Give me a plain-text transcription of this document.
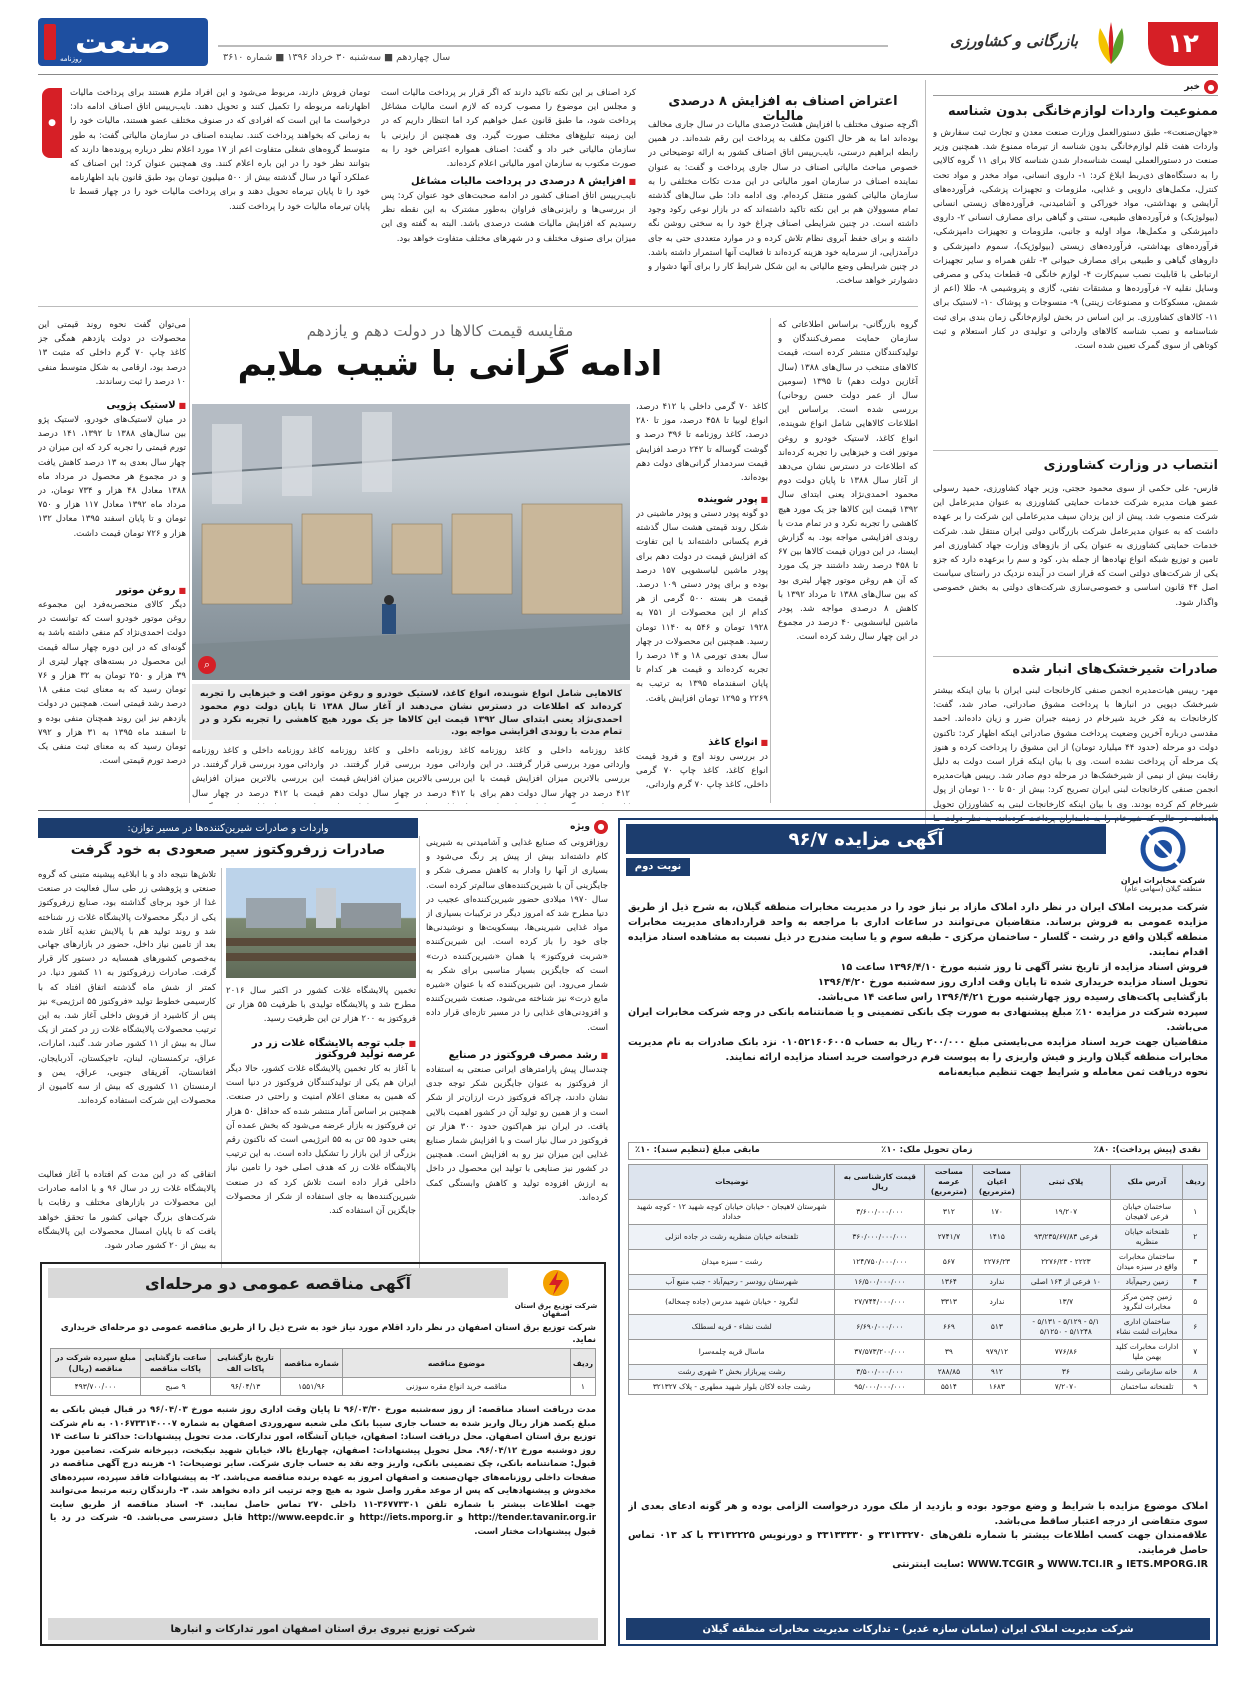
۱۲
بازرگانی و کشاورزی
سال چهاردهم ■ سه‌شنبه ۳۰ خرداد ۱۳۹۶ ■ شماره ۳۶۱۰
صنعت
روزنامه
●
خبر
ممنوعیت واردات لوازم‌خانگی بدون شناسه
«جهان‌صنعت»- طبق دستورالعمل وزارت صنعت معدن و تجارت ثبت سفارش و واردات هفت قلم لوازم‌خانگی بدون شناسه از تیرماه ممنوع شد. همچنین وزیر صنعت در دستورالعملی لیست شناسه‌دار شدن شناسه کالا برای ۱۱ گروه کالایی را به دستگاه‌های ذی‌ربط ابلاغ کرد: ۱- داروی انسانی، مواد مخدر و مواد تحت کنترل، مکمل‌های دارویی و غذایی، ملزومات و تجهیزات پزشکی، فرآورده‌های آرایشی و بهداشتی، مواد خوراکی و آشامیدنی، فرآورده‌های زیستی انسانی (بیولوژیک) و فرآورده‌های طبیعی، سنتی و گیاهی برای مصارف انسانی ۲- داروی دامپزشکی و مکمل‌ها، مواد اولیه و جانبی، ملزومات و تجهیزات دامپزشکی، فرآورده‌های بهداشتی، فرآورده‌های زیستی (بیولوژیک)، سموم دامپزشکی و داروهای گیاهی و طبیعی برای مصارف حیوانی ۳- تلفن همراه و سایر تجهیزات ارتباطی با قابلیت نصب سیم‌کارت ۴- لوازم خانگی ۵- قطعات یدکی و مصرفی وسایل نقلیه ۷- فرآورده‌ها و مشتقات نفتی، گازی و پتروشیمی ۸- طلا (اعم از شمش، مسکوکات و مصنوعات زینتی) ۹- منسوجات و پوشاک ۱۰- لاستیک برای ۱۱- کالاهای کشاورزی. بر این اساس در بخش لوازم‌خانگی زمان بندی برای ثبت شناسنامه و نصب شناسه کالاهای وارداتی و تولیدی در کنار استعلام و ثبت کوتاهی از سوی گمرک تعیین شده است.
انتصاب در وزارت کشاورزی
فارس- علی حکمی از سوی محمود حجتی، وزیر جهاد کشاورزی، حمید رسولی عضو هیات مدیره شرکت خدمات حمایتی کشاورزی به عنوان مدیرعامل این شرکت منصوب شد. پیش از این یزدان سیف مدیرعاملی این شرکت را بر عهده داشت که به عنوان مدیرعامل شرکت بازرگانی دولتی ایران منتقل شد. شرکت خدمات حمایتی کشاورزی به عنوان یکی از بازوهای وزارت جهاد کشاورزی امر تامین و توزیع شبکه انواع نهاده‌ها از جمله بذر، کود و سم را برعهده دارد که جزو یکی از شرکت‌های دولتی است که قرار است در آینده نزدیک در راستای سیاست اصل ۴۴ قانون اساسی و خصوصی‌سازی شرکت‌های دولتی به بخش خصوصی واگذار شود.
صادرات شیرخشک‌های انبار شده
مهر- رییس هیات‌مدیره انجمن صنفی کارخانجات لبنی ایران با بیان اینکه بیشتر شیرخشک دپویی در انبارها با پرداخت مشوق صادراتی، صادر شد، گفت: کارخانجات به فکر خرید شیرخام در زمینه جبران ضرر و زیان داده‌اند. احمد مقدسی درباره آخرین وضعیت پرداخت مشوق صادراتی اینکه اظهار کرد: تاکنون دولت دو مرحله (حدود ۴۴ میلیارد تومان) از این مشوق را پرداخت کرده و هنوز یک مرحله آن پرداخت نشده است. وی با بیان اینکه قرار است دولت به دلیل رقابت بیش از نیمی از شیرخشک‌ها در مرحله دوم صادر شد. رییس هیات‌مدیره انجمن صنفی کارخانجات لبنی ایران تصریح کرد: بیش از ۵۰ تا ۱۰۰ تومان از پول شیرخام کم کرده بودند. وی با بیان اینکه کارخانجات لبنی به کشاورزان تحویل داده‌اند، در حالی که شیرخام را به دامداران پرداخت کرده‌اند، به نظر دولت ما
اعتراض اصناف به افزایش ۸ درصدی مالیات
اگرچه صنوف مختلف با افزایش هشت درصدی مالیات در سال جاری مخالف بوده‌اند اما به هر حال اکنون مکلف به پرداخت این رقم شده‌اند. در همین رابطه ابراهیم درستی، نایب‌رییس اتاق اصناف کشور به ارائه توضیحاتی در خصوص مباحث مالیاتی اصناف در سال جاری پرداخت و گفت: به عنوان نماینده اصناف در سازمان امور مالیاتی در این مدت تکات مختلفی را به سازمان مالیاتی کشور منتقل کرده‌ام. وی ادامه داد: طی سال‌های گذشته تمام مسوولان هم بر این نکته تاکید داشته‌اند که در بازار نوعی رکود وجود داشته است. در چنین شرایطی اصناف چراغ خود را به سختی روشن نگه داشته و برای حفظ آبروی نظام تلاش کرده و در موارد متعددی حتی به جای درآمدزایی، از سرمایه خود هزینه کرده‌اند تا فعالیت آنها استمرار داشته باشد. در چنین شرایطی وضع مالیاتی به این شکل شرایط کار را برای آنها دشوار و دشوارتر خواهد ساخت.
کرد اصناف بر این نکته تاکید دارند که اگر قرار بر پرداخت مالیات است و مجلس این موضوع را مصوب کرده که لازم است مالیات مشاغل پرداخت شود، ما طبق قانون عمل خواهیم کرد اما انتظار داریم که در این زمینه تبلیغ‌های مختلف صورت گیرد. وی همچنین از رایزنی با سازمان مالیاتی خبر داد و گفت: اصناف همواره اعتراض خود را به صورت مکتوب به سازمان امور مالیاتی اعلام کرده‌اند.
■ افزایش ۸ درصدی در پرداخت مالیات مشاغل
نایب‌رییس اتاق اصناف کشور در ادامه صحبت‌های خود عنوان کرد: پس از بررسی‌ها و رایزنی‌های فراوان به‌طور مشترک به این نقطه نظر رسیدیم که افزایش مالیات هشت درصدی باشد. البته به گفته وی این میزان برای صنوف مختلف و در شهرهای مختلف متفاوت خواهد بود.
تومان فروش دارند، مربوط می‌شود و این افراد ملزم هستند برای پرداخت مالیات اظهارنامه مربوطه را تکمیل کنند و تحویل دهند. نایب‌رییس اتاق اصناف ادامه داد: درخواست ما این است که افرادی که در صنوف مختلف عضو هستند، مالیات خود را به زمانی که بخواهند پرداخت کنند. نماینده اصناف در سازمان مالیاتی گفت: به طور متوسط گروه‌های شغلی متفاوت اعم از ۱۷ مورد اعلام نظر درباره پرونده‌ها دارند که بتوانند نظر خود را در این باره اعلام کنند. وی همچنین عنوان کرد: این اصناف که عملکرد آنها در سال گذشته بیش از ۵۰۰ میلیون تومان بود طبق قانون باید اظهارنامه خود را تا پایان تیرماه تحویل دهند و برای پرداخت مالیات خود را در چهار قسط تا پایان تیرماه مالیات خود را پرداخت کنند.
●
مقایسه قیمت کالاها در دولت دهم و یازدهم
ادامه گرانی با شیب ملایم
گروه بازرگانی- براساس اطلاعاتی که سازمان حمایت مصرف‌کنندگان و تولیدکنندگان منتشر کرده است، قیمت کالاهای منتخب در سال‌های ۱۳۸۸ (سال آغازین دولت دهم) تا ۱۳۹۵ (سومین سال از عمر دولت حسن روحانی) بررسی شده است. براساس این اطلاعات کالاهایی شامل انواع شوینده، انواع کاغذ، لاستیک خودرو و روغن موتور افت و خیزهایی را تجربه کرده‌اند که اطلاعات در دسترس نشان می‌دهد از آغاز سال ۱۳۸۸ تا پایان دولت دوم محمود احمدی‌نژاد یعنی ابتدای سال ۱۳۹۲ قیمت این کالاها جز یک مورد هیچ کاهشی را تجربه نکرد و در تمام مدت با روندی افزایشی مواجه بود. به گزارش ایسنا، در این دوران قیمت کالاها بین ۶۷ تا ۴۵۸ درصد رشد داشتند جز یک مورد که آن هم روغن موتور چهار لیتری بود که بین سال‌های ۱۳۸۸ تا مرداد ۱۳۹۲ با کاهش ۸ درصدی مواجه شد. پودر ماشین لباسشویی ۴۰ درصد در مجموع در این چهار سال رشد کرده است.
کاغذ ۷۰ گرمی داخلی با ۴۱۲ درصد، انواع لوبیا تا ۴۵۸ درصد، موز تا ۲۸۰ درصد، کاغذ روزنامه تا ۳۹۶ درصد و گوشت گوساله تا ۲۴۲ درصد افزایش قیمت سردمدار گرانی‌های دولت دهم بوده‌اند.
■ پودر شوینده
دو گونه پودر دستی و پودر ماشینی در شکل روند قیمتی هشت سال گذشته فرم یکسانی داشته‌اند با این تفاوت که افزایش قیمت در دولت دهم برای پودر ماشین لباسشویی ۱۵۷ درصد بوده و برای پودر دستی ۱۰۹ درصد. قیمت هر بسته ۵۰۰ گرمی از هر کدام از این محصولات از ۷۵۱ به ۱۹۲۸ تومان و ۵۴۶ به ۱۱۴۰ تومان رسید. همچنین این محصولات در چهار سال بعدی تورمی ۱۸ و ۱۴ درصد را تجربه کرده‌اند و قیمت هر کدام تا پایان اسفندماه ۱۳۹۵ به ترتیب به ۲۲۶۹ و ۱۲۹۵ تومان افزایش یافت.
■ انواع کاغذ
در بررسی روند اوج و فرود قیمت انواع کاغذ، کاغذ چاپ ۷۰ گرمی داخلی، کاغذ چاپ ۷۰ گرم وارداتی،
⌕
کالاهایی شامل انواع شوینده، انواع کاغذ، لاستیک خودرو و روغن موتور افت و خیزهایی را تجربه کرده‌اند که اطلاعات در دسترس نشان می‌دهند از آغاز سال ۱۳۸۸ تا پایان دولت دوم محمود احمدی‌نژاد یعنی ابتدای سال ۱۳۹۲ قیمت این کالاها جز یک مورد هیچ کاهشی را تجربه نکرد و در تمام مدت با روندی افزایشی مواجه بود.
کاغذ روزنامه داخلی و کاغذ روزنامه وارداتی مورد بررسی قرار گرفتند. در این بررسی بالاترین میزان افزایش قیمت با ۴۱۲ درصد در چهار سال دولت دهم برای
کاغذ روزنامه داخلی و کاغذ روزنامه وارداتی مورد بررسی قرار گرفتند. در این بررسی بالاترین میزان افزایش قیمت با ۴۱۲ درصد در چهار سال دولت دهم
کاغذ روزنامه داخلی و کاغذ روزنامه وارداتی مورد بررسی قرار گرفتند. در این بررسی بالاترین میزان افزایش قیمت با ۴۱۲ درصد در چهار سال
می‌توان گفت نحوه روند قیمتی این محصولات در دولت یازدهم همگی جز کاغذ چاپ ۷۰ گرم داخلی که مثبت ۱۳ درصد بود، ارقامی به شکل متوسط منفی ۱۰ درصد را ثبت رساندند.
■ لاستیک پژویی
در میان لاستیک‌های خودرو، لاستیک پژو بین سال‌های ۱۳۸۸ تا ۱۳۹۲، ۱۴۱ درصد تورم قیمتی را تجربه کرد که این میزان در چهار سال بعدی به ۱۳ درصد کاهش یافت و در مجموع هر محصول در مرداد ماه ۱۳۸۸ معادل ۴۸ هزار و ۷۳۴ تومان، در مرداد ماه ۱۳۹۲ معادل ۱۱۷ هزار و ۷۵۰ تومان و تا پایان اسفند ۱۳۹۵ معادل ۱۳۲ هزار و ۷۲۶ تومان قیمت داشت.
■ روغن موتور
دیگر کالای منحصربه‌فرد این مجموعه روغن موتور خودرو است که توانست در دولت احمدی‌نژاد کم منفی داشته باشد به گونه‌ای که در این دوره چهار ساله قیمت این محصول در بسته‌های چهار لیتری از ۳۹ هزار و ۲۵۰ تومان به ۳۲ هزار و ۷۶ تومان رسید که به معنای ثبت منفی ۱۸ درصد رشد قیمتی است. همچنین در دولت یازدهم نیز این روند همچنان منفی بوده و تا اسفند ماه ۱۳۹۵ به ۳۱ هزار و ۷۹۲ تومان رسید که به معنای ثبت منفی یک درصد تورم قیمتی است.
●
ویژه
واردات و صادرات شیرین‌کننده‌ها در مسیر توازن:
صادرات زرفروکتوز سیر صعودی به خود گرفت	روزافزونی که صنایع غذایی و آشامیدنی به شیرینی کام داشته‌اند بیش از پیش پر رنگ می‌شود و بسیاری از آنها را وادار به کاهش مصرف شکر و جایگزینی آن با شیرین‌کننده‌های سالم‌تر کرده است. سال ۱۹۷۰ میلادی حضور شیرین‌کننده‌ای عجیب در دنیا مطرح شد که امروز دیگر در ترکیبات بسیاری از مواد غذایی شیرینی‌ها، بیسکویت‌ها و نوشیدنی‌ها جای خود را باز کرده است. این شیرین‌کننده «شربت فروکتوز» یا همان «شیرین‌کننده ذرت» است که جایگزین بسیار مناسبی برای شکر به شمار می‌رود. این شیرین‌کننده که با عنوان «شیره مایع ذرت» نیز شناخته می‌شود، صنعت شیرین‌کننده و افزودنی‌های غذایی را در مسیر تازه‌ای قرار داده است.
■ رشد مصرف فروکتوز در صنایع
چندسال پیش پارامترهای ایرانی صنعتی به استفاده از فروکتوز به عنوان جایگزین شکر توجه جدی نشان دادند، چراکه فروکتوز ذرت ارزان‌تر از شکر است و از همین رو تولید آن در کشور اهمیت بالایی یافت. در ایران نیز هم‌اکنون حدود ۳۰۰ هزار تن فروکتوز در سال نیاز است و با افزایش شمار صنایع غذایی این میزان نیز رو به افزایش است. همچنین در کشور نیز صنایعی با تولید این محصول در داخل به ارزش افزوده تولید و کاهش وابستگی کمک کرده‌اند.
تخمین پالایشگاه غلات کشور در اکتبر سال ۲۰۱۶ مطرح شد و پالایشگاه تولیدی با ظرفیت ۵۵ هزار تن فروکتوز به ۲۰۰ هزار تن این ظرفیت رسید.
■ جلب توجه پالایشگاه غلات زر در عرصه تولید فروکتوز
با آغاز به کار تخمین پالایشگاه غلات کشور، حالا دیگر ایران هم یکی از تولیدکنندگان فروکتوز در دنیا است که همین به معنای اعلام امنیت و راحتی در صنعت. همچنین بر اساس آمار منتشر شده که حداقل ۵۰ هزار تن فروکتوز به بازار عرضه می‌شود که بخش عمده آن یعنی حدود ۵۵ تن به ۵۵ انرژیمی است که ناکنون رقم بزرگی از این بازار را تشکیل داده است. به این ترتیب پالایشگاه غلات زر که هدف اصلی خود را تامین نیاز داخلی قرار داده است تلاش کرد که در صنعت شیرین‌کننده‌ها به جای استفاده از شکر از محصولات جایگزین آن استفاده کند.
تلاش‌ها نتیجه داد و با ابلاغیه پیشینه متبنی که گروه صنعتی و پژوهشی زر طی سال فعالیت در صنعت غذا از خود برجای گذاشته بود، صنایع زرفروکتوز یکی از دیگر محصولات پالایشگاه غلات زر شناخته شد و روند تولید هم با پالایش تغذیه آغاز شده
بعد از تامین نیاز داخل، حضور در بازارهای جهانی به‌خصوص کشورهای همسایه در دستور کار قرار گرفت. صادرات زرفروکتوز به ۱۱ کشور دنیا. در کمتر از شش ماه گذشته اتفاق افتاد که با کارسیمی خطوط تولید «فروکتوز ۵۵ انرژیمی» نیز پس از کاشیرد از فروش داخلی آغاز شد. به این ترتیب محصولات پالایشگاه غلات زر در کمتر از یک سال به بیش از ۱۱ کشور صادر شد. گنبد، امارات، عراق، ترکمنستان، لبنان، تاجیکستان، آذربایجان، افغانستان، آفریقای جنوبی، عراق، یمن و ارمنستان ۱۱ کشوری که بیش از سه کامیون از محصولات این شرکت استفاده کرده‌اند.
اتفاقی که در این مدت کم افتاده با آغاز فعالیت پالایشگاه غلات زر در سال ۹۶ و با ادامه صادرات این محصولات در بازارهای مختلف و رقابت با شرکت‌های بزرگ جهانی کشور ما تحقق خواهد یافت که تا پایان امسال محصولات این پالایشگاه به بیش از ۲۰ کشور صادر شود.
شرکت مخابرات ایران
منطقه گیلان (سهامی عام)
آگهی مزایده ۹۶/۷
نوبت دوم
شرکت مدیریت املاک ایران در نظر دارد املاک مازاد بر نیاز خود را در مدیریت مخابرات منطقه گیلان، به شرح ذیل از طریق مزایده عمومی به فروش برساند. متقاضیان می‌توانند در ساعات اداری با مراجعه به واحد قراردادهای مدیریت مخابرات منطقه گیلان واقع در رشت - گلسار - ساختمان مرکزی - طبقه سوم و یا سایت مندرج در ذیل نسبت به مشاهده اسناد مزایده اقدام نمایند.
فروش اسناد مزایده از تاریخ نشر آگهی تا روز شنبه مورخ ۱۳۹۶/۴/۱۰ ساعت ۱۵
تحویل اسناد مزایده خریداری شده تا پایان وقت اداری روز سه‌شنبه مورخ ۱۳۹۶/۴/۲۰
بازگشایی پاکت‌های رسیده روز چهارشنبه مورخ ۱۳۹۶/۴/۲۱ راس ساعت ۱۴ می‌باشد.
سپرده شرکت در مزایده ۱۰٪ مبلغ پیشنهادی به صورت چک بانکی تضمینی و یا ضمانتنامه بانکی در وجه شرکت مخابرات ایران می‌باشد.
متقاضیان جهت خرید اسناد مزایده می‌بایستی مبلغ ۲۰۰/۰۰۰ ریال به حساب ۰۱۰۵۲۱۶۰۶۰۰۵ نزد بانک صادرات به نام مدیریت مخابرات منطقه گیلان واریز و فیش واریزی را به پیوست فرم درخواست خرید اسناد مزایده ارائه نمایند.
نحوه دریافت ثمن معامله و شرایط جهت تنظیم مبایعه‌نامه
نقدی (پیش پرداخت): ۸۰٪
زمان تحویل ملک: ۱۰٪
مابقی مبلغ (تنظیم سند): ۱۰٪
ردیف	آدرس ملک	پلاک ثبتی	مساحت اعیان (مترمربع)	مساحت عرصه (مترمربع)	قیمت کارشناسی به ریال	توضیحات
۱	ساختمان خیابان فرعی لاهیجان	۱۹/۲۰۷	۱۷۰	۳۱۲	۳/۶۰۰/۰۰۰/۰۰۰	شهرستان لاهیجان - خیابان خیابان کوچه شهید ۱۲ - کوچه شهید خداداد
۲	تلفنخانه خیابان منظریه	فرعی ۹۳/۲۳۵/۶۷/۸۳	۱۴۱۵	۲۷۴۱/۷	۳۶۰/۰۰۰/۰۰۰/۰۰۰	تلفنخانه خیابان منظریه رشت در جاده انزلی
۳	ساختمان مخابرات واقع در سبزه میدان	۲۲۲۳ - ۲۲۷۶/۲۳	۲۲۷۶/۲۳	۵۶۷	۱۲۴/۷۵۰/۰۰۰/۰۰۰	رشت - سبزه میدان
۴	زمین رحیم‌آباد	۱۰ فرعی از ۱۶۴ اصلی	ندارد	۱۳۶۴	۱۶/۵۰۰/۰۰۰/۰۰۰	شهرستان رودسر - رحیم‌آباد - جنب منبع آب
۵	زمین چمن مرکز مخابرات لنگرود	۱۳/۷	ندارد	۳۳۱۳	۲۷/۷۴۴/۰۰۰/۰۰۰	لنگرود - خیابان شهید مدرس (جاده چمخاله)
۶	ساختمان اداری مخابرات لشت نشاء	۵/۱ - ۵/۱۲۹ - ۵/۱۳۱ - ۵/۱۲۴۸ - ۵/۱۲۵۰	۵۱۳	۶۶۹	۶/۶۹۰/۰۰۰/۰۰۰	لشت نشاء - قریه لسطلک
۷	ادارات مخابرات کلید بهمن ملیا	۷۷۶/۸۶	۹۷۹/۱۲	۳۹	۳۷/۵۷۳/۲۰۰/۰۰۰	ماسال قریه چلمه‌سرا
۸	خانه سازمانی رشت	۳۶	۹۱۲	۲۸۸/۸۵	۳/۵۰۰/۰۰۰/۰۰۰	رشت پیربازار بخش ۲ شهری رشت
۹	تلفنخانه ساختمان	۷/۲۰۷۰	۱۶۸۳	۵۵۱۴	۹۵/۰۰۰/۰۰۰/۰۰۰	رشت جاده لاکان بلوار شهید مطهری - پلاک ۳۲۱۳۲۷
املاک موضوع مزایده با شرایط و وضع موجود بوده و بازدید از ملک مورد درخواست الزامی بوده و هر گونه ادعای بعدی از سوی متقاضی از درجه اعتبار ساقط می‌باشد.
علاقه‌مندان جهت کسب اطلاعات بیشتر با شماره تلفن‌های ۳۳۱۳۳۲۷۰ و ۳۳۱۳۳۳۳۰ و دورنویس ۳۳۱۳۲۲۲۵ با کد ۰۱۳ تماس حاصل فرمایند.
سایت اینترنتی: WWW.TCGIR و WWW.TCI.IR و IETS.MPORG.IR
شرکت مدیریت املاک ایران (سامان سازه غدیر) - تدارکات مدیریت مخابرات منطقه گیلان
آگهی مناقصه عمومی دو مرحله‌ای
شرکت توزیع برق استان اصفهان
شرکت توزیع برق استان اصفهان در نظر دارد اقلام مورد نیاز خود به شرح ذیل را از طریق مناقصه عمومی دو مرحله‌ای خریداری نماید.
ردیف	موضوع مناقصه	شماره مناقصه	تاریخ بازگشایی پاکات الف	ساعت بازگشایی پاکات مناقصه	مبلغ سپرده شرکت در مناقصه (ریال)
۱	مناقصه خرید انواع مقره سوزنی	۱۵۵۱/۹۶	۹۶/۰۴/۱۳	۹ صبح	۴۹۳/۷۰۰/۰۰۰
مدت دریافت اسناد مناقصه: از روز سه‌شنبه مورخ ۹۶/۰۳/۳۰ تا پایان وقت اداری روز شنبه مورخ ۹۶/۰۴/۰۳ در قبال فیش بانکی به مبلغ یکصد هزار ریال واریز شده به حساب جاری سیبا بانک ملی شعبه سهروردی اصفهان به شماره ۰۱۰۶۷۳۳۱۴۰۰۰۷ به نام شرکت توزیع برق استان اصفهان. محل دریافت اسناد: اصفهان، خیابان آتشگاه، امور تدارکات. مدت تحویل پیشنهادات: حداکثر تا ساعت ۱۴ روز دوشنبه مورخ ۹۶/۰۴/۱۲. محل تحویل پیشنهادات: اصفهان، چهارباغ بالا، خیابان شهید نیکبخت، دبیرخانه شرکت. تضامین مورد قبول: ضمانتنامه بانکی، چک تضمینی بانکی، واریز وجه نقد به حساب جاری شرکت. سایر توضیحات: ۱- هزینه درج آگهی مناقصه در صفحات داخلی روزنامه‌های جهان‌صنعت و اصفهان امروز به عهده برنده مناقصه می‌باشد. ۲- به پیشنهادات فاقد سپرده، سپرده‌های مخدوش و پیشنهادهایی که پس از موعد مقرر واصل شود به هیچ وجه ترتیب اثر داده نخواهد شد. ۳- دارندگان رتبه مرتبط می‌توانند جهت اطلاعات بیشتر با شماره تلفن ۳۶۷۷۳۳۰۱-۱۱ داخلی ۲۷۰ تماس حاصل نمایند. ۴- اسناد مناقصه از طریق سایت http://tender.tavanir.org.ir و http://iets.mporg.ir و http://www.eepdc.ir قابل دسترسی می‌باشد. ۵- شرکت در رد یا قبول پیشنهادات مختار است.
شرکت توزیع نیروی برق استان اصفهان امور تدارکات و انبارها
